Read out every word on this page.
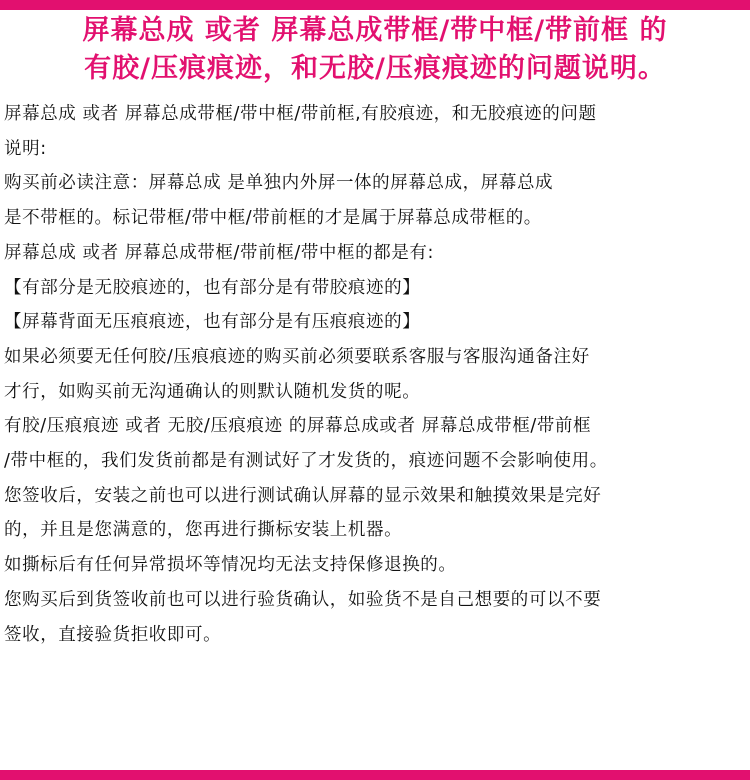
屏幕总成 或者 屏幕总成带框/带中框/带前框 的
有胶/压痕痕迹，和无胶/压痕痕迹的问题说明。
屏幕总成 或者 屏幕总成带框/带中框/带前框,有胶痕迹，和无胶痕迹的问题
说明:
购买前必读注意：屏幕总成 是单独内外屏一体的屏幕总成，屏幕总成
是不带框的。标记带框/带中框/带前框的才是属于屏幕总成带框的。
屏幕总成 或者 屏幕总成带框/带前框/带中框的都是有:
【有部分是无胶痕迹的，也有部分是有带胶痕迹的】
【屏幕背面无压痕痕迹，也有部分是有压痕痕迹的】
如果必须要无任何胶/压痕痕迹的购买前必须要联系客服与客服沟通备注好
才行，如购买前无沟通确认的则默认随机发货的呢。
有胶/压痕痕迹 或者 无胶/压痕痕迹 的屏幕总成或者 屏幕总成带框/带前框
/带中框的，我们发货前都是有测试好了才发货的，痕迹问题不会影响使用。
您签收后，安装之前也可以进行测试确认屏幕的显示效果和触摸效果是完好
的，并且是您满意的，您再进行撕标安装上机器。
如撕标后有任何异常损坏等情况均无法支持保修退换的。
您购买后到货签收前也可以进行验货确认，如验货不是自己想要的可以不要
签收，直接验货拒收即可。
